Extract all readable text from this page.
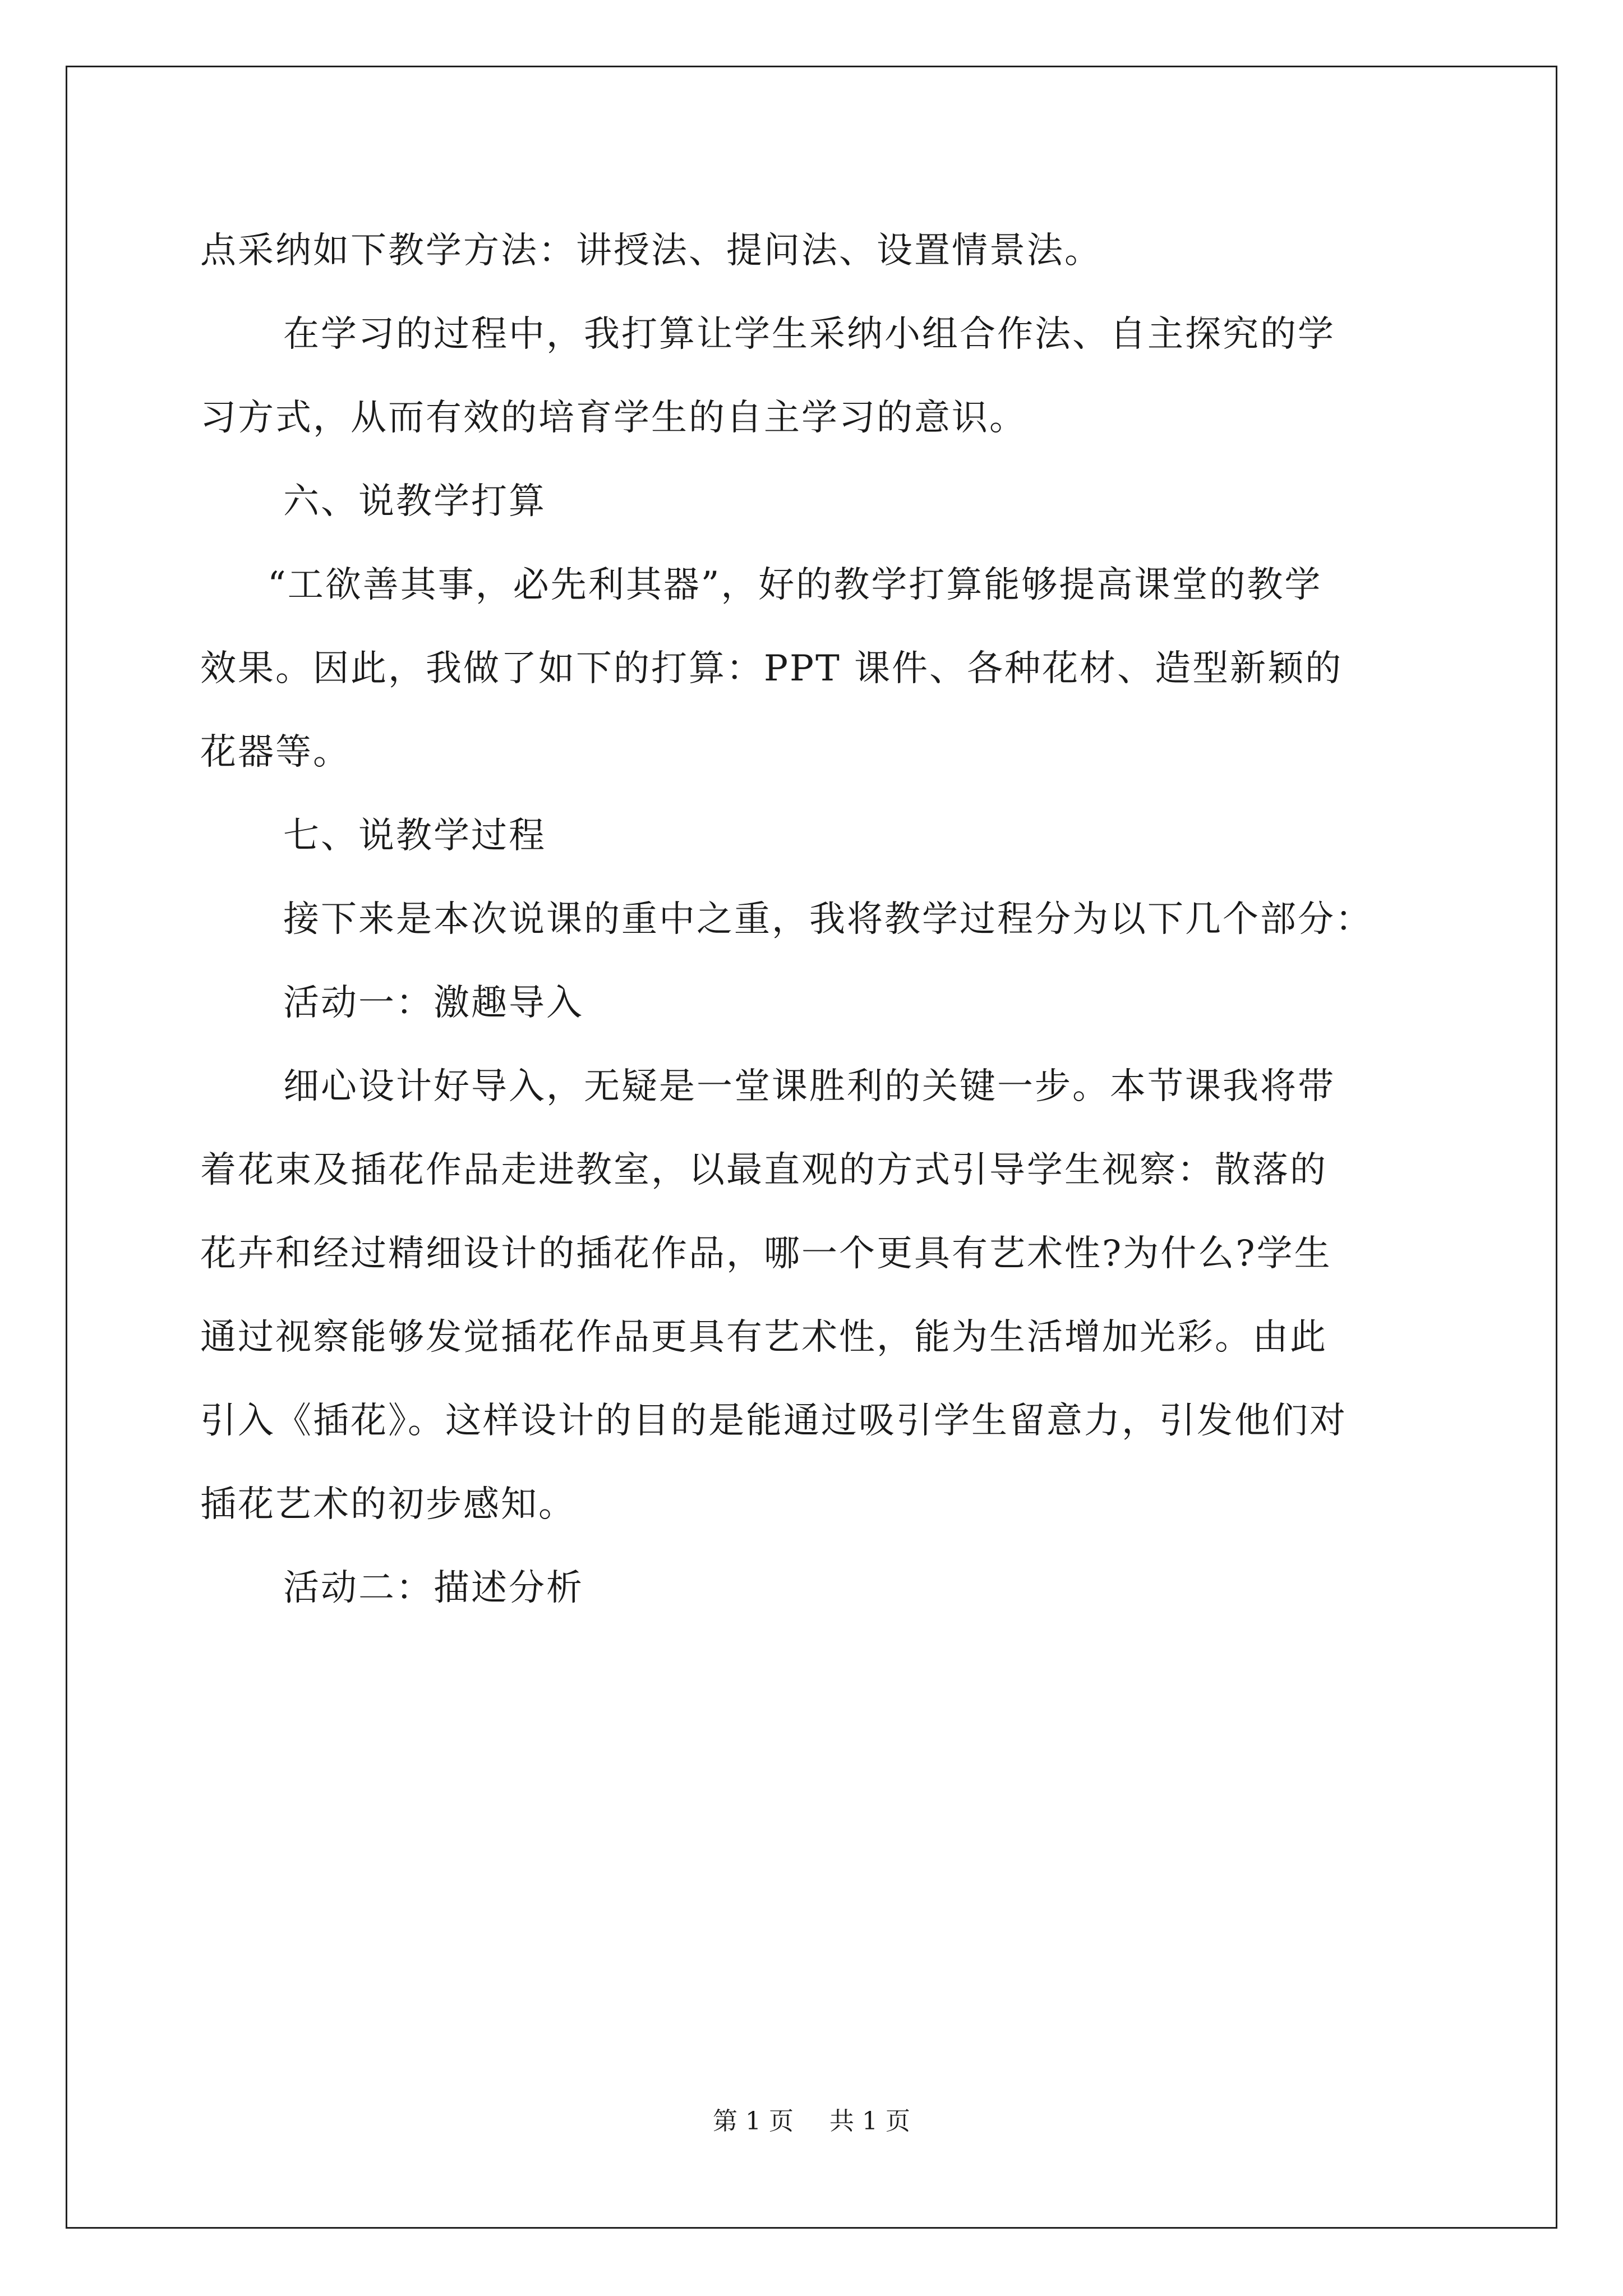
点采纳如下教学方法：讲授法、提问法、设置情景法。
在学习的过程中，我打算让学生采纳小组合作法、自主探究的学
习方式，从而有效的培育学生的自主学习的意识。
六、说教学打算
“工欲善其事，必先利其器”，好的教学打算能够提高课堂的教学
效果。因此，我做了如下的打算：PPT 课件、各种花材、造型新颖的
花器等。
七、说教学过程
接下来是本次说课的重中之重，我将教学过程分为以下几个部分：
活动一：激趣导入
细心设计好导入，无疑是一堂课胜利的关键一步。本节课我将带
着花束及插花作品走进教室，以最直观的方式引导学生视察：散落的
花卉和经过精细设计的插花作品，哪一个更具有艺术性?为什么?学生
通过视察能够发觉插花作品更具有艺术性，能为生活增加光彩。由此
引入《插花》。这样设计的目的是能通过吸引学生留意力，引发他们对
插花艺术的初步感知。
活动二：描述分析
第 1 页 共 1 页
